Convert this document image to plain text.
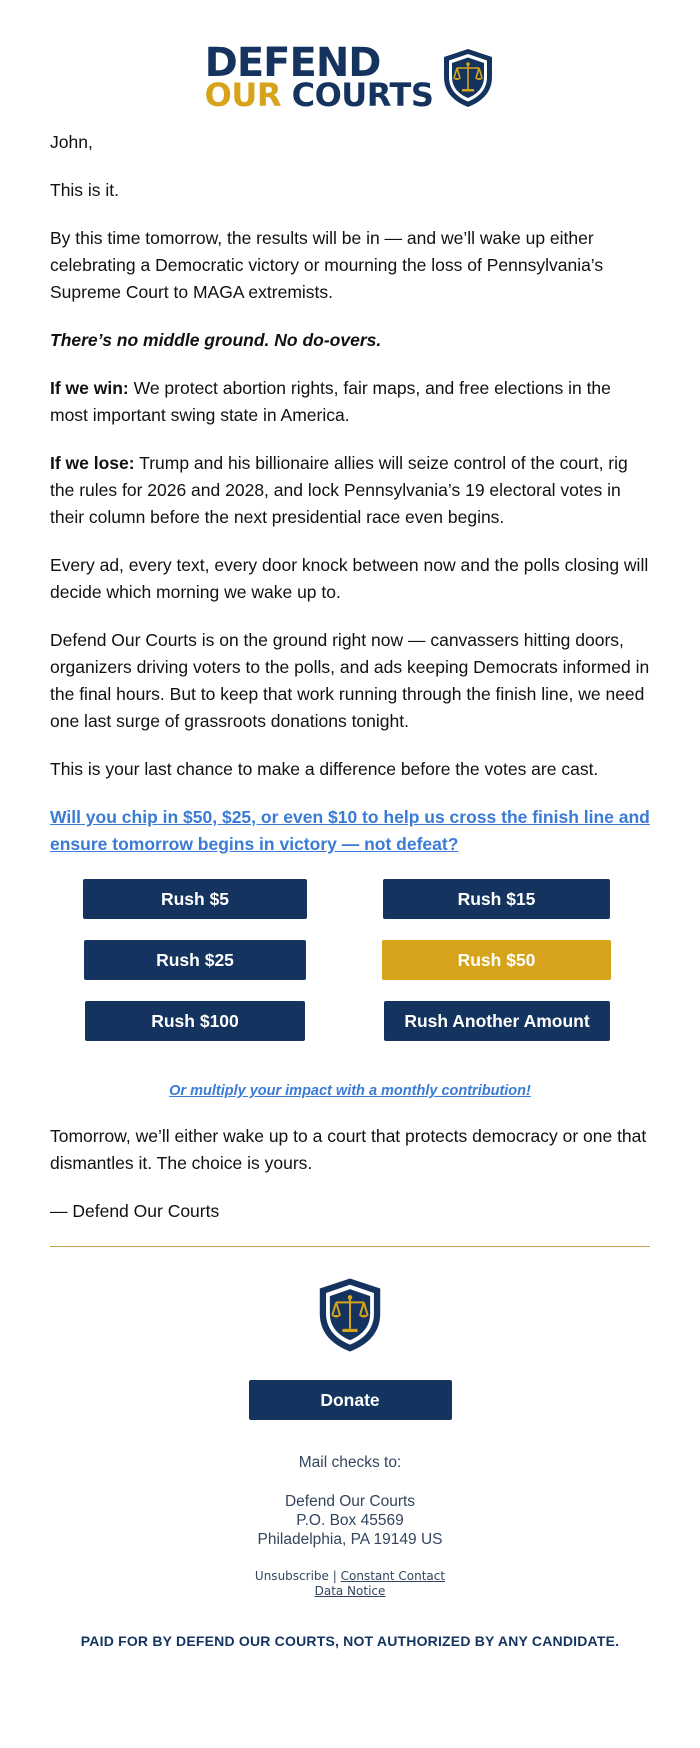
DEFEND
OUR COURTS

John,

This is it.

By this time tomorrow, the results will be in — and we’ll wake up either celebrating a Democratic victory or mourning the loss of Pennsylvania’s Supreme Court to MAGA extremists.

There’s no middle ground. No do-overs.

If we win: We protect abortion rights, fair maps, and free elections in the most important swing state in America.

If we lose: Trump and his billionaire allies will seize control of the court, rig the rules for 2026 and 2028, and lock Pennsylvania’s 19 electoral votes in their column before the next presidential race even begins.

Every ad, every text, every door knock between now and the polls closing will decide which morning we wake up to.

Defend Our Courts is on the ground right now — canvassers hitting doors, organizers driving voters to the polls, and ads keeping Democrats informed in the final hours. But to keep that work running through the finish line, we need one last surge of grassroots donations tonight.

This is your last chance to make a difference before the votes are cast.

Will you chip in $50, $25, or even $10 to help us cross the finish line and ensure tomorrow begins in victory — not defeat?

Rush $5	Rush $15
Rush $25	Rush $50
Rush $100	Rush Another Amount
Or multiply your impact with a monthly contribution!

Tomorrow, we’ll either wake up to a court that protects democracy or one that dismantles it. The choice is yours.

— Defend Our Courts

Donate
Mail checks to:
Defend Our Courts
P.O. Box 45569
Philadelphia, PA 19149 US
Unsubscribe | Constant Contact
Data Notice
PAID FOR BY DEFEND OUR COURTS, NOT AUTHORIZED BY ANY CANDIDATE.
